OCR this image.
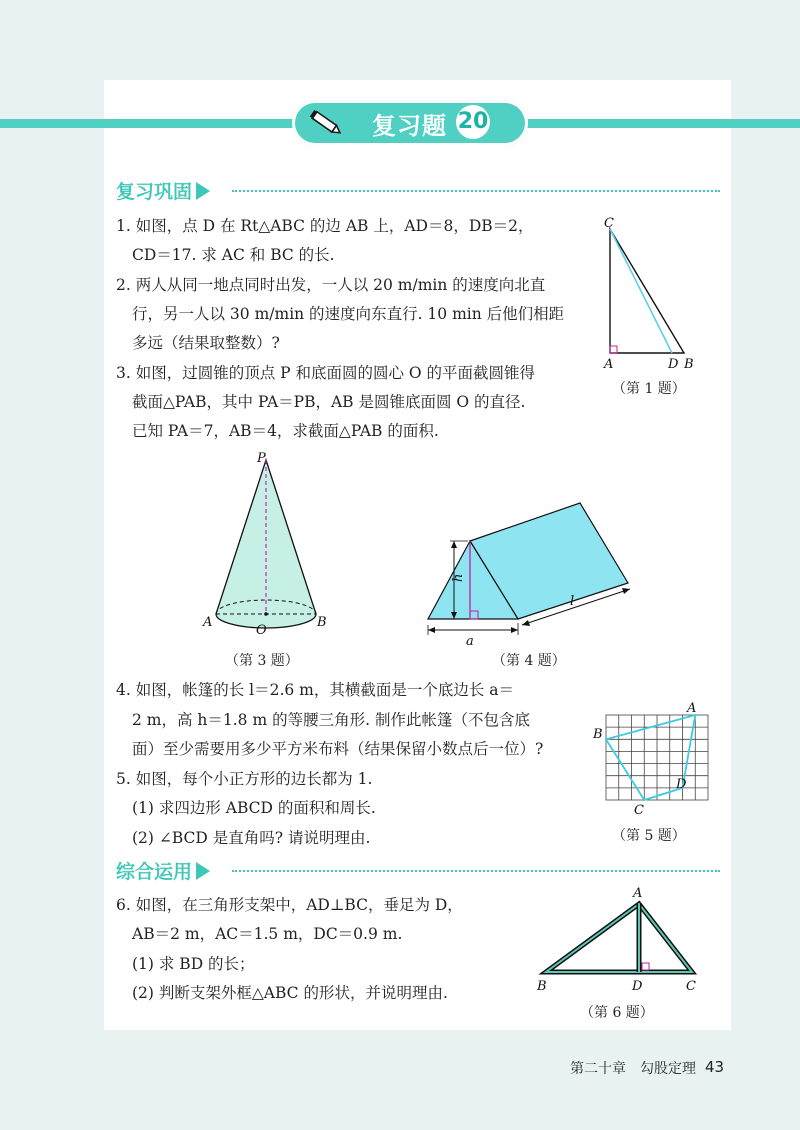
复习题 20
复习巩固
1. 如图，点 D 在 Rt△ABC 的边 AB 上，AD＝8，DB＝2，
CD＝17. 求 AC 和 BC 的长.
2. 两人从同一地点同时出发，一人以 20 m/min 的速度向北直
行，另一人以 30 m/min 的速度向东直行. 10 min 后他们相距
多远（结果取整数）?
3. 如图，过圆锥的顶点 P 和底面圆的圆心 O 的平面截圆锥得
截面△PAB，其中 PA＝PB，AB 是圆锥底面圆 O 的直径.
已知 PA＝7，AB＝4，求截面△PAB 的面积.
C
A	D B
（第 1 题）
P
A
O
B
（第 3 题）
h
a
l
（第 4 题）
4. 如图，帐篷的长 l＝2.6 m，其横截面是一个底边长 a＝
2 m，高 h＝1.8 m 的等腰三角形. 制作此帐篷（不包含底
面）至少需要用多少平方米布料（结果保留小数点后一位）?
5. 如图，每个小正方形的边长都为 1.
(1) 求四边形 ABCD 的面积和周长.
(2) ∠BCD 是直角吗? 请说明理由.
A
B
C
D
（第 5 题）
综合运用
6. 如图，在三角形支架中，AD⊥BC，垂足为 D，
AB＝2 m，AC＝1.5 m，DC＝0.9 m.
(1) 求 BD 的长；
(2) 判断支架外框△ABC 的形状，并说明理由.
A
B	D	C
（第 6 题）
第二十章　勾股定理 43
